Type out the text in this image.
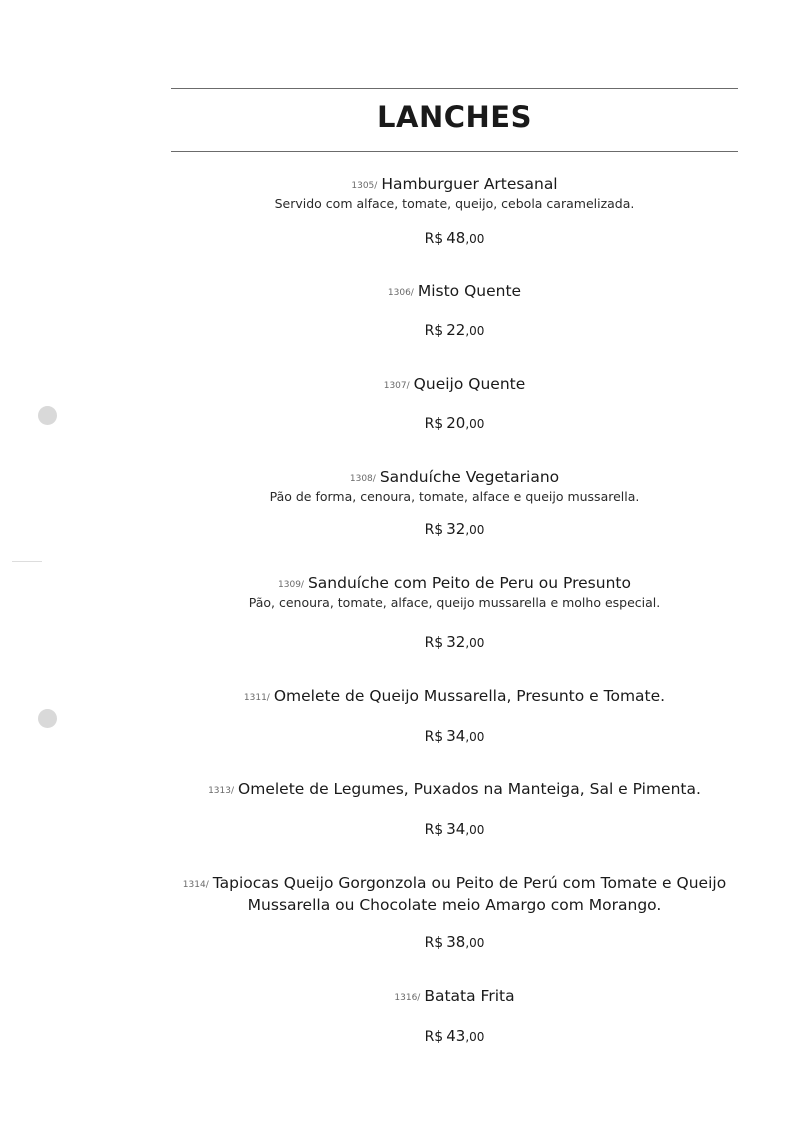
LANCHES
1305/ Hamburguer Artesanal
Servido com alface, tomate, queijo, cebola caramelizada.
R$ 48,00
1306/ Misto Quente
R$ 22,00
1307/ Queijo Quente
R$ 20,00
1308/ Sanduíche Vegetariano
Pão de forma, cenoura, tomate, alface e queijo mussarella.
R$ 32,00
1309/ Sanduíche com Peito de Peru ou Presunto
Pão, cenoura, tomate, alface, queijo mussarella e molho especial.
R$ 32,00
1311/ Omelete de Queijo Mussarella, Presunto e Tomate.
R$ 34,00
1313/ Omelete de Legumes, Puxados na Manteiga, Sal e Pimenta.
R$ 34,00
1314/ Tapiocas Queijo Gorgonzola ou Peito de Perú com Tomate e Queijo
Mussarella ou Chocolate meio Amargo com Morango.
R$ 38,00
1316/ Batata Frita
R$ 43,00
